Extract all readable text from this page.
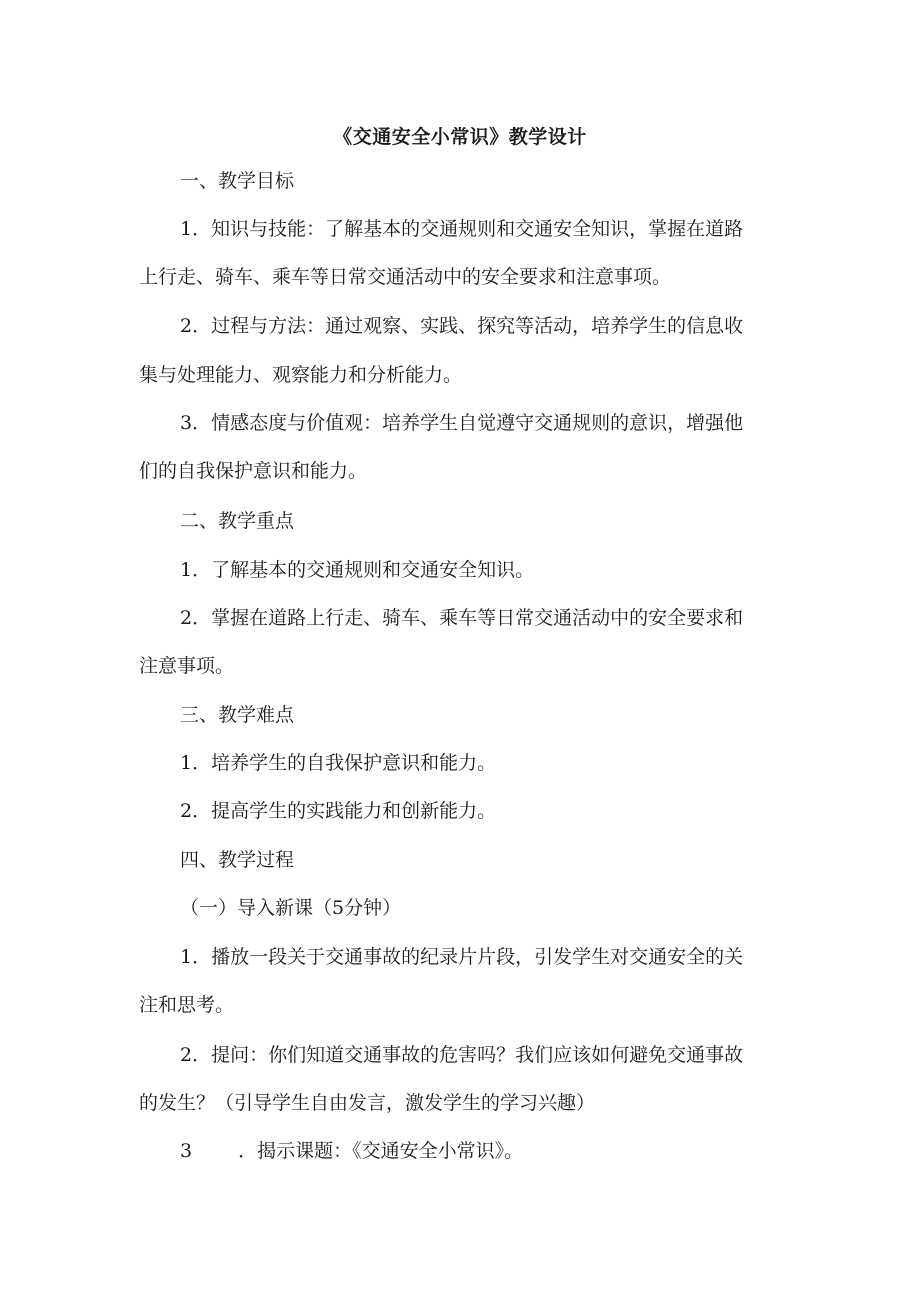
《交通安全小常识》教学设计
一、教学目标
1．知识与技能：了解基本的交通规则和交通安全知识，掌握在道路
上行走、骑车、乘车等日常交通活动中的安全要求和注意事项。
2．过程与方法：通过观察、实践、探究等活动，培养学生的信息收
集与处理能力、观察能力和分析能力。
3．情感态度与价值观：培养学生自觉遵守交通规则的意识，增强他
们的自我保护意识和能力。
二、教学重点
1．了解基本的交通规则和交通安全知识。
2．掌握在道路上行走、骑车、乘车等日常交通活动中的安全要求和
注意事项。
三、教学难点
1．培养学生的自我保护意识和能力。
2．提高学生的实践能力和创新能力。
四、教学过程
（一）导入新课（5分钟）
1．播放一段关于交通事故的纪录片片段，引发学生对交通安全的关
注和思考。
2．提问：你们知道交通事故的危害吗？我们应该如何避免交通事故
的发生？（引导学生自由发言，激发学生的学习兴趣）
3 ．揭示课题：《交通安全小常识》。
